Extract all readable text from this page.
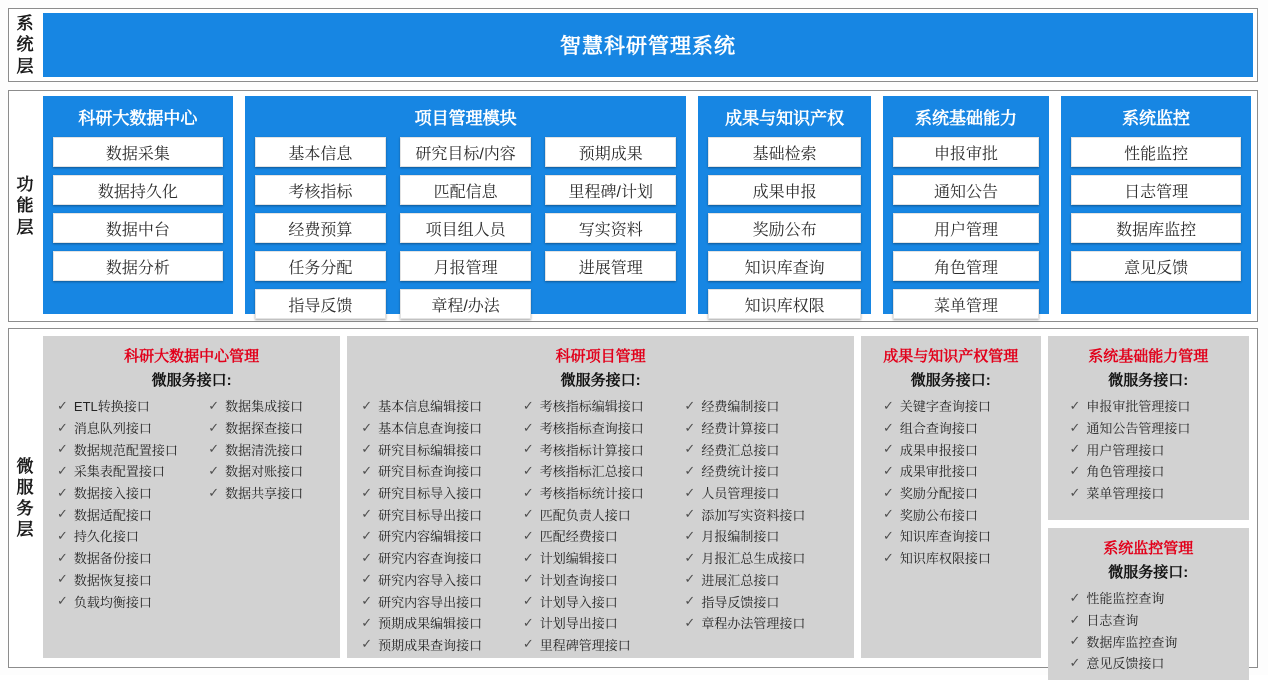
系统层
智慧科研管理系统
功能层
科研大数据中心
数据采集
数据持久化
数据中台
数据分析
项目管理模块
基本信息	研究目标/内容	预期成果
考核指标	匹配信息	里程碑/计划
经费预算	项目组人员	写实资料
任务分配	月报管理	进展管理
指导反馈	章程/办法
成果与知识产权
基础检索
成果申报
奖励公布
知识库查询
知识库权限
系统基础能力
申报审批
通知公告
用户管理
角色管理
菜单管理
系统监控
性能监控
日志管理
数据库监控
意见反馈
微服务层
科研大数据中心管理
微服务接口:
✓ ETL转换接口
✓ 消息队列接口
✓ 数据规范配置接口
✓ 采集表配置接口
✓ 数据接入接口
✓ 数据适配接口
✓ 持久化接口
✓ 数据备份接口
✓ 数据恢复接口
✓ 负载均衡接口
✓ 数据集成接口
✓ 数据探查接口
✓ 数据清洗接口
✓ 数据对账接口
✓ 数据共享接口
科研项目管理
微服务接口:
✓ 基本信息编辑接口
✓ 基本信息查询接口
✓ 研究目标编辑接口
✓ 研究目标查询接口
✓ 研究目标导入接口
✓ 研究目标导出接口
✓ 研究内容编辑接口
✓ 研究内容查询接口
✓ 研究内容导入接口
✓ 研究内容导出接口
✓ 预期成果编辑接口
✓ 预期成果查询接口
✓ 考核指标编辑接口
✓ 考核指标查询接口
✓ 考核指标计算接口
✓ 考核指标汇总接口
✓ 考核指标统计接口
✓ 匹配负责人接口
✓ 匹配经费接口
✓ 计划编辑接口
✓ 计划查询接口
✓ 计划导入接口
✓ 计划导出接口
✓ 里程碑管理接口
✓ 经费编制接口
✓ 经费计算接口
✓ 经费汇总接口
✓ 经费统计接口
✓ 人员管理接口
✓ 添加写实资料接口
✓ 月报编制接口
✓ 月报汇总生成接口
✓ 进展汇总接口
✓ 指导反馈接口
✓ 章程办法管理接口
成果与知识产权管理
微服务接口:
✓ 关键字查询接口
✓ 组合查询接口
✓ 成果申报接口
✓ 成果审批接口
✓ 奖励分配接口
✓ 奖励公布接口
✓ 知识库查询接口
✓ 知识库权限接口
系统基础能力管理
微服务接口:
✓ 申报审批管理接口
✓ 通知公告管理接口
✓ 用户管理接口
✓ 角色管理接口
✓ 菜单管理接口
系统监控管理
微服务接口:
✓ 性能监控查询
✓ 日志查询
✓ 数据库监控查询
✓ 意见反馈接口
